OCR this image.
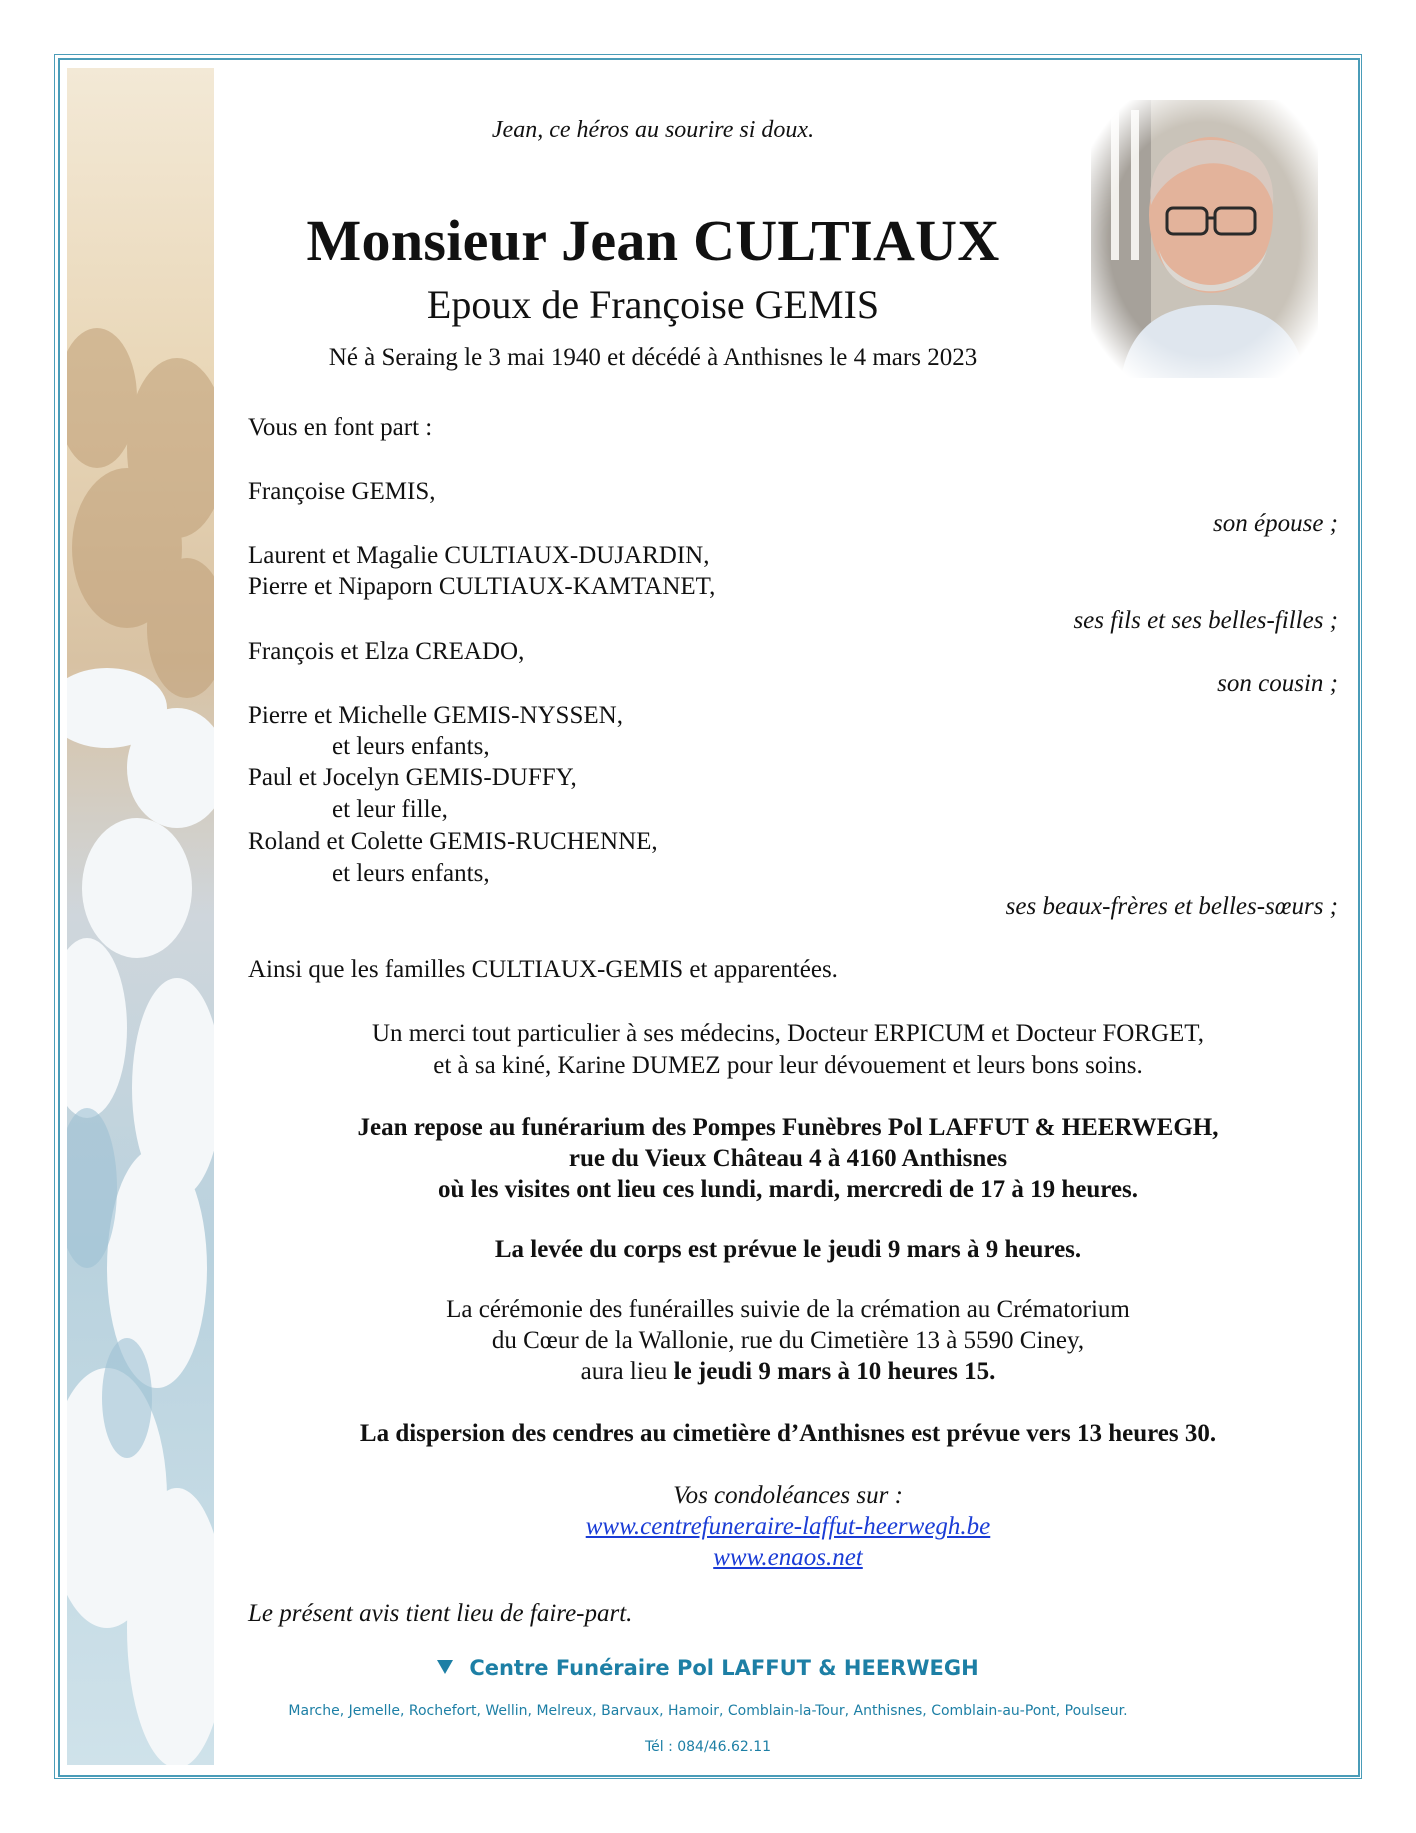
Jean, ce héros au sourire si doux.

Monsieur Jean CULTIAUX

Epoux de Françoise GEMIS

Né à Seraing le 3 mai 1940 et décédé à Anthisnes le 4 mars 2023

Vous en font part :

Françoise GEMIS,

son épouse ;

Laurent et Magalie CULTIAUX-DUJARDIN,

Pierre et Nipaporn CULTIAUX-KAMTANET,

ses fils et ses belles-filles ;

François et Elza CREADO,

son cousin ;

Pierre et Michelle GEMIS-NYSSEN,

et leurs enfants,

Paul et Jocelyn GEMIS-DUFFY,

et leur fille,

Roland et Colette GEMIS-RUCHENNE,

et leurs enfants,

ses beaux-frères et belles-sœurs ;

Ainsi que les familles CULTIAUX-GEMIS et apparentées.

Un merci tout particulier à ses médecins, Docteur ERPICUM et Docteur FORGET,

et à sa kiné, Karine DUMEZ pour leur dévouement et leurs bons soins.

Jean repose au funérarium des Pompes Funèbres Pol LAFFUT & HEERWEGH,

rue du Vieux Château 4 à 4160 Anthisnes

où les visites ont lieu ces lundi, mardi, mercredi de 17 à 19 heures.

La levée du corps est prévue le jeudi 9 mars à 9 heures.

La cérémonie des funérailles suivie de la crémation au Crématorium

du Cœur de la Wallonie, rue du Cimetière 13 à 5590 Ciney,

aura lieu le jeudi 9 mars à 10 heures 15.

La dispersion des cendres au cimetière d’Anthisnes est prévue vers 13 heures 30.

Vos condoléances sur :

www.centrefuneraire-laffut-heerwegh.be

www.enaos.net

Le présent avis tient lieu de faire-part.

Centre Funéraire Pol LAFFUT & HEERWEGH
Marche, Jemelle, Rochefort, Wellin, Melreux, Barvaux, Hamoir, Comblain-la-Tour, Anthisnes, Comblain-au-Pont, Poulseur.
Tél : 084/46.62.11
